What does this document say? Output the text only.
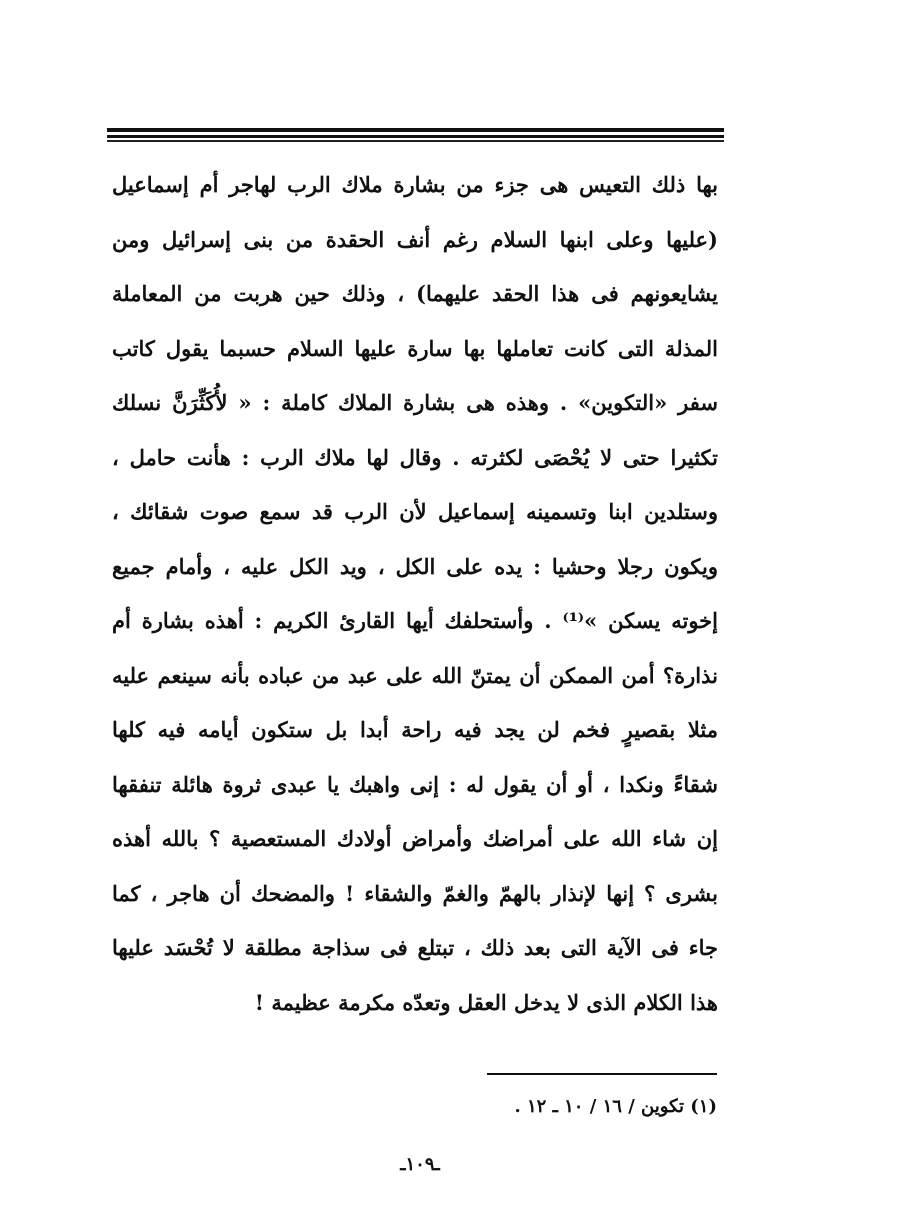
بها ذلك التعيس هى جزء من بشارة ملاك الرب لهاجر أم إسماعيل
(عليها وعلى ابنها السلام رغم أنف الحقدة من بنى إسرائيل ومن
يشايعونهم فى هذا الحقد عليهما) ، وذلك حين هربت من المعاملة
المذلة التى كانت تعاملها بها سارة عليها السلام حسبما يقول كاتب
سفر «التكوين» . وهذه هى بشارة الملاك كاملة : « لأُكَثِّرَنَّ نسلك
تكثيرا حتى لا يُحْصَى لكثرته . وقال لها ملاك الرب : هأنت حامل ،
وستلدين ابنا وتسمينه إسماعيل لأن الرب قد سمع صوت شقائك ،
ويكون رجلا وحشيا : يده على الكل ، ويد الكل عليه ، وأمام جميع
إخوته يسكن »⁽¹⁾ . وأستحلفك أيها القارئ الكريم : أهذه بشارة أم
نذارة؟ أمن الممكن أن يمتنّ الله على عبد من عباده بأنه سينعم عليه
مثلا بقصيرٍ فخم لن يجد فيه راحة أبدا بل ستكون أيامه فيه كلها
شقاءً ونكدا ، أو أن يقول له : إنى واهبك يا عبدى ثروة هائلة تنفقها
إن شاء الله على أمراضك وأمراض أولادك المستعصية ؟ بالله أهذه
بشرى ؟ إنها لإنذار بالهمّ والغمّ والشقاء ! والمضحك أن هاجر ، كما
جاء فى الآية التى بعد ذلك ، تبتلع فى سذاجة مطلقة لا تُحْسَد عليها
هذا الكلام الذى لا يدخل العقل وتعدّه مكرمة عظيمة !
(١) تكوين / ١٦ / ١٠ ـ ١٢ .
ـ١٠٩ـ
